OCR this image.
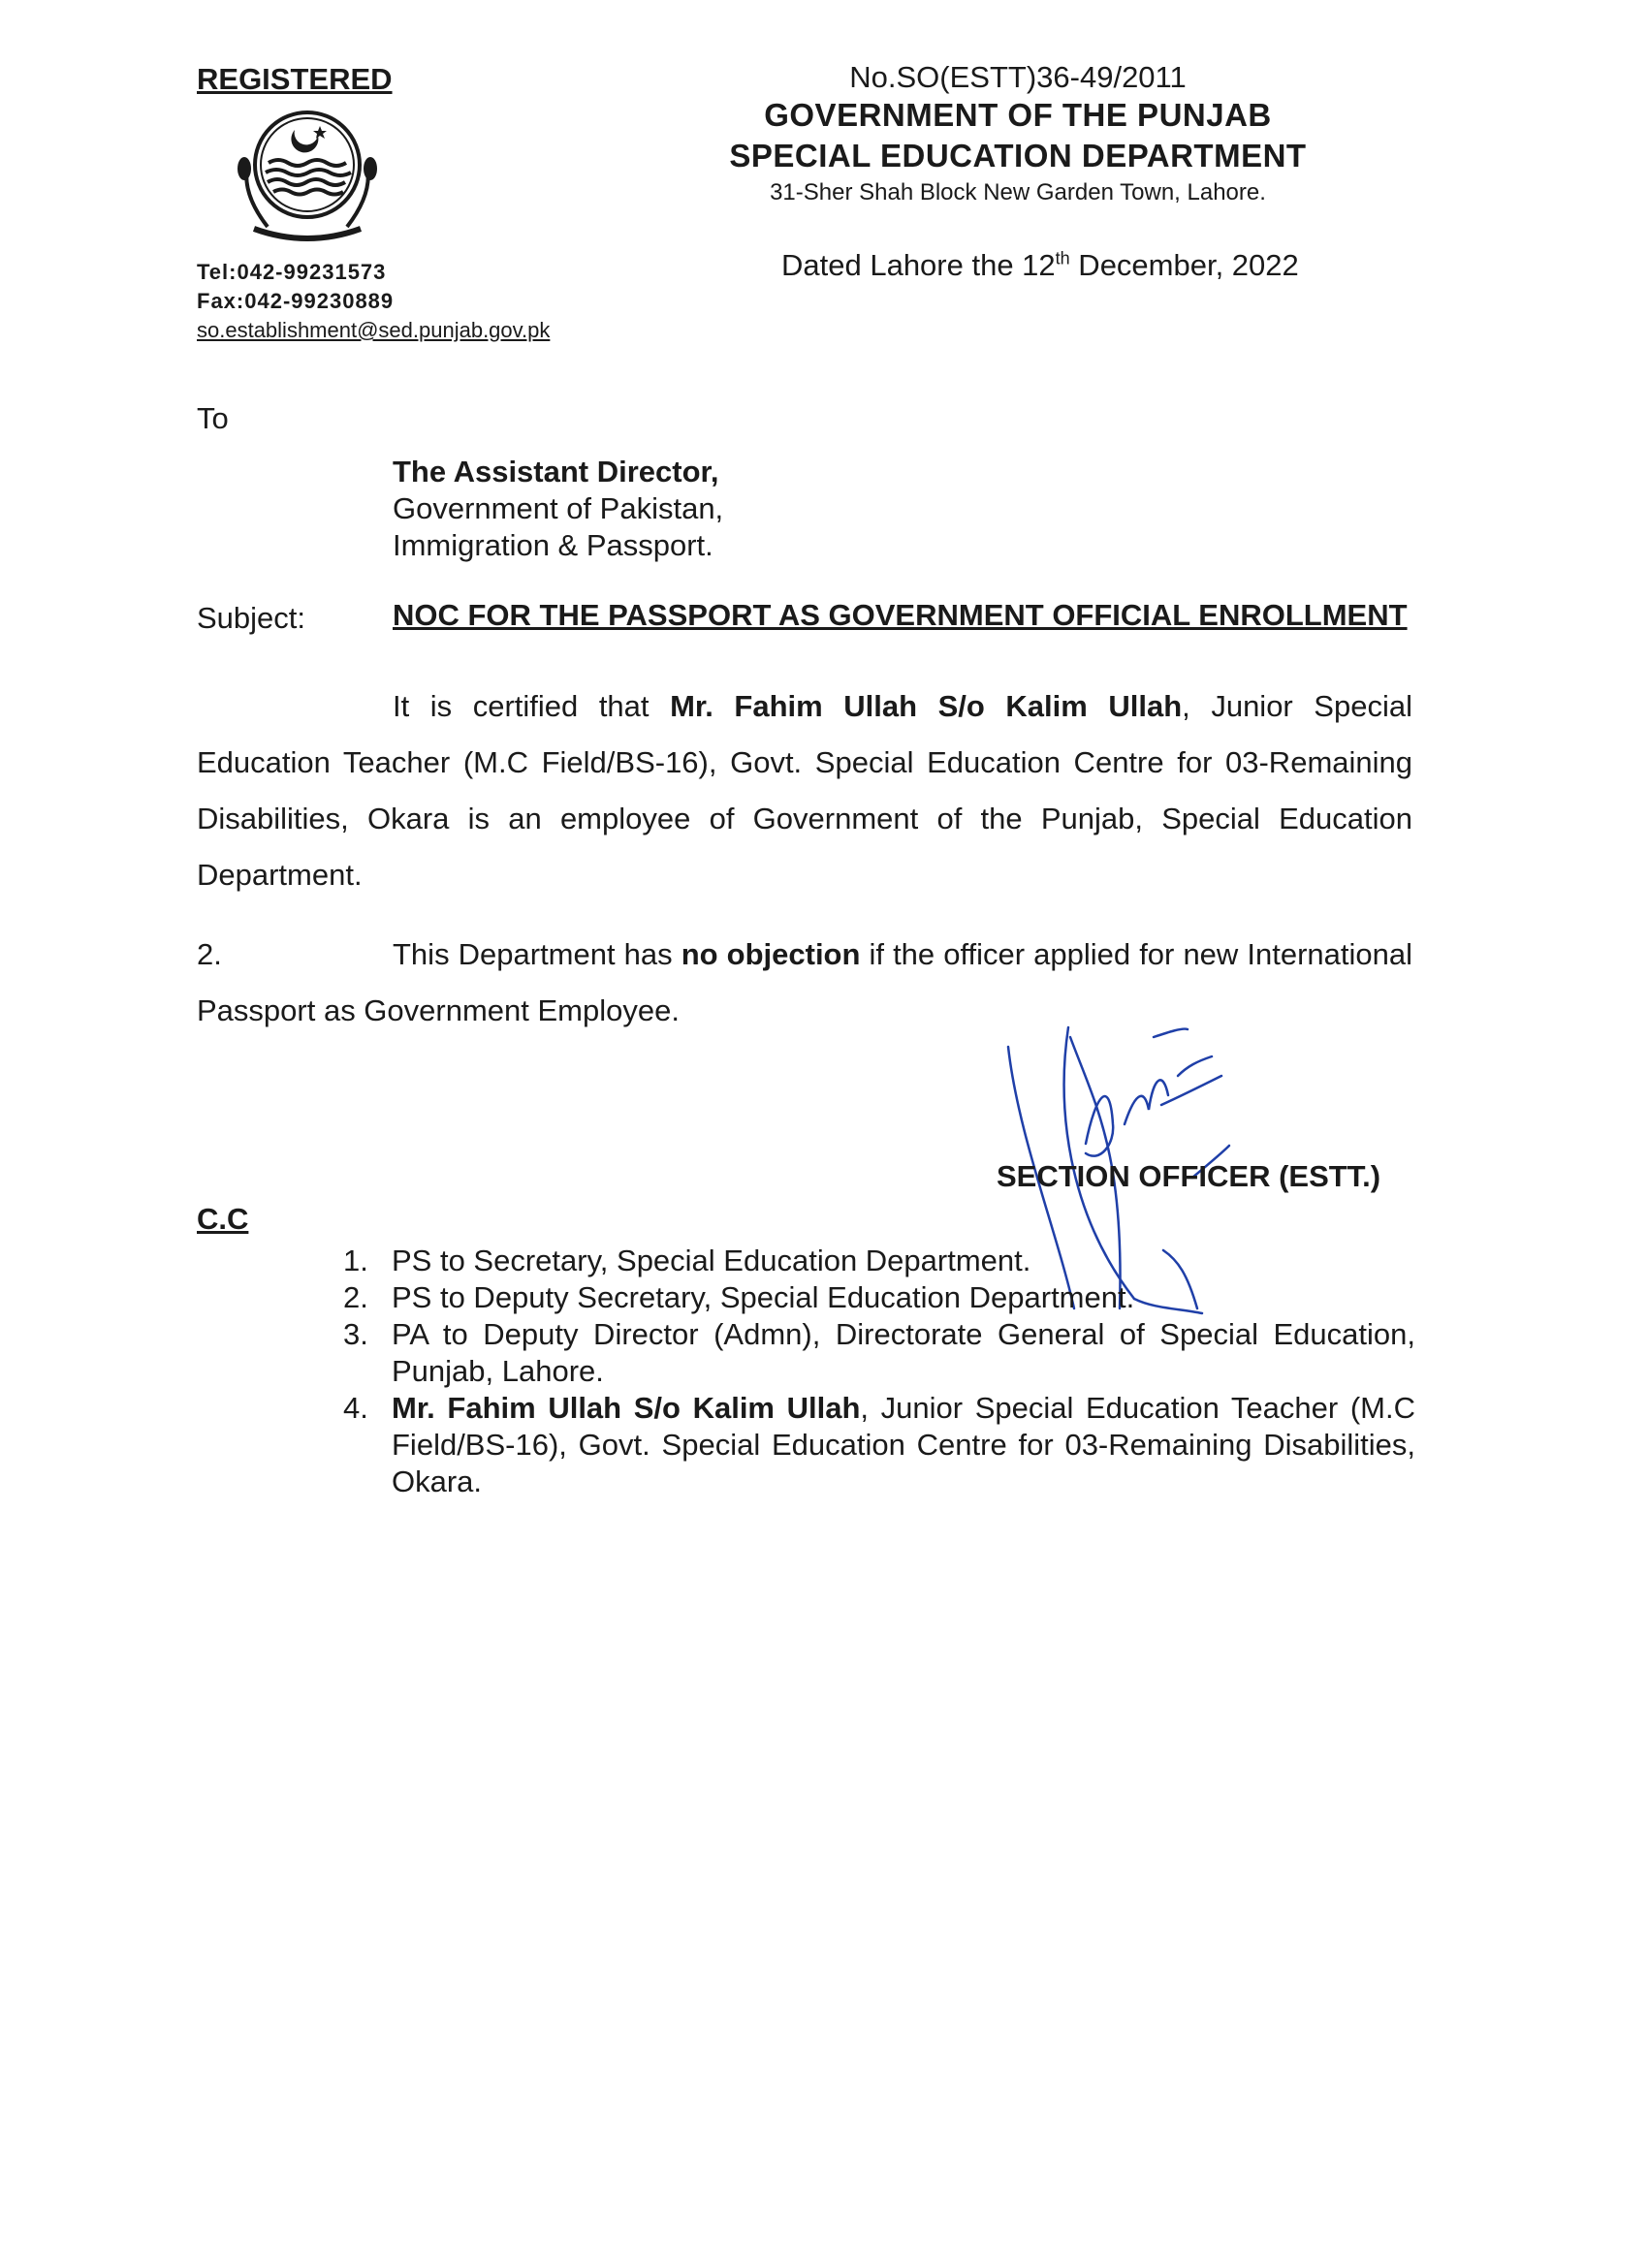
REGISTERED
Tel:042-99231573
Fax:042-99230889
so.establishment@sed.punjab.gov.pk
No.SO(ESTT)36-49/2011
GOVERNMENT OF THE PUNJAB
SPECIAL EDUCATION DEPARTMENT
31-Sher Shah Block New Garden Town, Lahore.
Dated Lahore the 12th December, 2022
To
The Assistant Director,
Government of Pakistan,
Immigration & Passport.
Subject:	NOC FOR THE PASSPORT AS GOVERNMENT OFFICIAL ENROLLMENT
It is certified that Mr. Fahim Ullah S/o Kalim Ullah, Junior Special Education Teacher (M.C Field/BS-16), Govt. Special Education Centre for 03-Remaining Disabilities, Okara is an employee of Government of the Punjab, Special Education Department.
2.	This Department has no objection if the officer applied for new International Passport as Government Employee.
SECTION OFFICER (ESTT.)
C.C
1. PS to Secretary, Special Education Department.
2. PS to Deputy Secretary, Special Education Department.
3. PA to Deputy Director (Admn), Directorate General of Special Education, Punjab, Lahore.
4. Mr. Fahim Ullah S/o Kalim Ullah, Junior Special Education Teacher (M.C Field/BS-16), Govt. Special Education Centre for 03-Remaining Disabilities, Okara.
